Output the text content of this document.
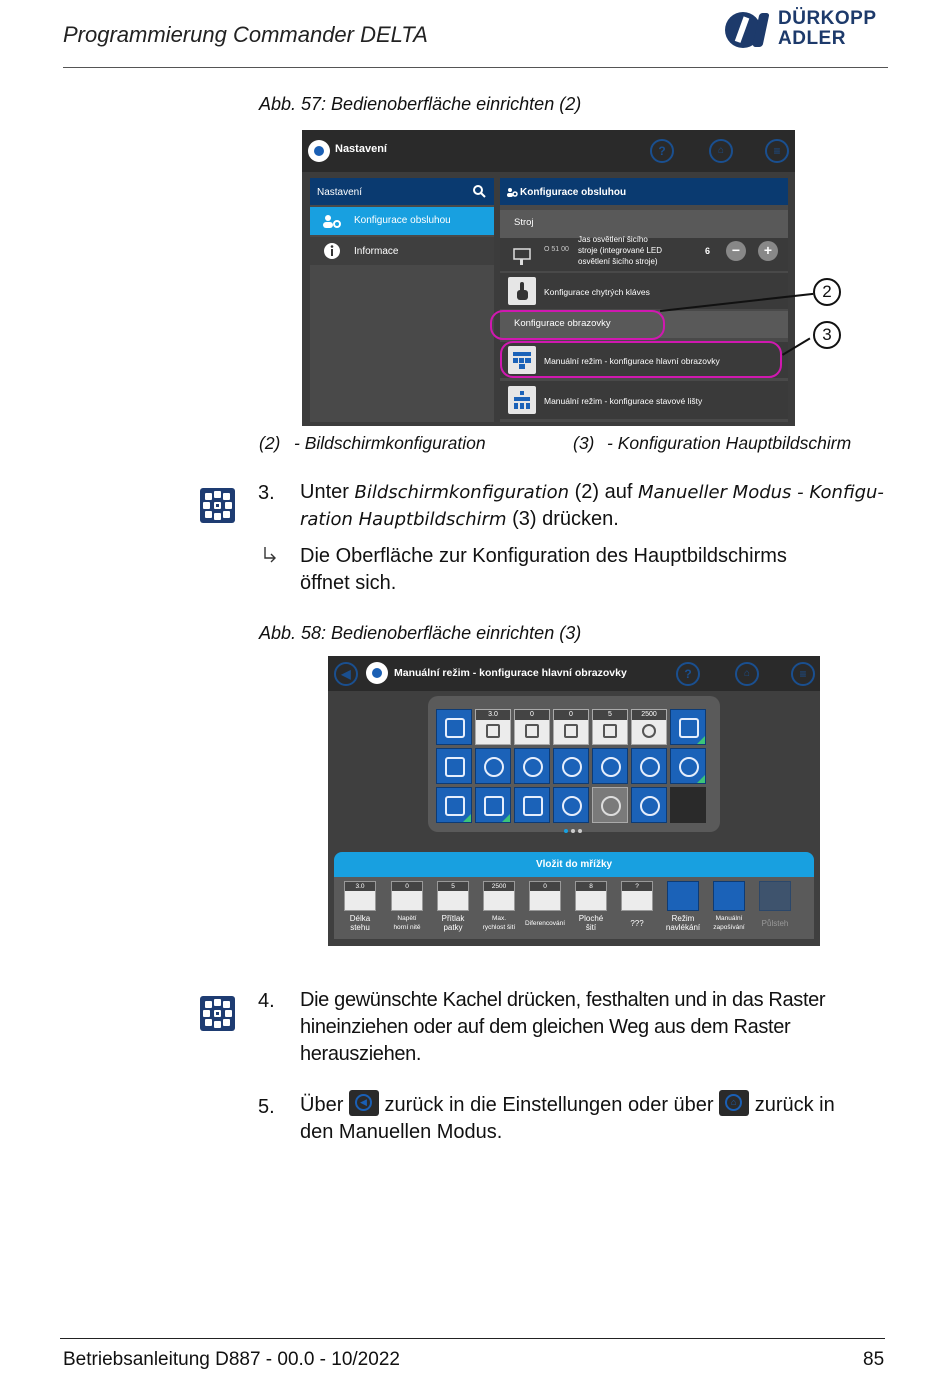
Programmierung Commander DELTA
DÜRKOPP
ADLER
Abb. 57: Bedienoberfläche einrichten (2)
Nastavení	?	⌂	≡
Nastavení
Konfigurace obsluhou
Informace
Konfigurace obsluhou
Stroj
O 51 00
Jas osvětlení šicího
stroje (integrované LED
osvětlení šicího stroje)
6	−	+
Konfigurace chytrých kláves
Konfigurace obrazovky
Manuální režim - konfigurace hlavní obrazovky
Manuální režim - konfigurace stavové lišty
2
3
(2) - Bildschirmkonfiguration	(3) - Konfiguration Hauptbildschirm
3. Unter Bildschirmkonfiguration (2) auf Manueller Modus - Konfigu-
ration Hauptbildschirm (3) drücken.
Die Oberfläche zur Konfiguration des Hauptbildschirms
öffnet sich.
Abb. 58: Bedienoberfläche einrichten (3)
◀	Manuální režim - konfigurace hlavní obrazovky	?	⌂	≡
3.0	0	0	5	2500
Vložit do mřížky
3.0	0	5	2500	0	8	?
Délka
stehu
Napětí
horní nitě
Přítlak
patky
Max.
rychlost šití
Diferencování
Ploché
šití	???
Režim
navlékání
Manuální
zapošívání	Půlsteh
4. Die gewünschte Kachel drücken, festhalten und in das Raster
hineinziehen oder auf dem gleichen Weg aus dem Raster
herausziehen.
5. Über	◀ zurück in die Einstellungen oder über	⌂ zurück in
den Manuellen Modus.
Betriebsanleitung D887 - 00.0 - 10/2022	85
